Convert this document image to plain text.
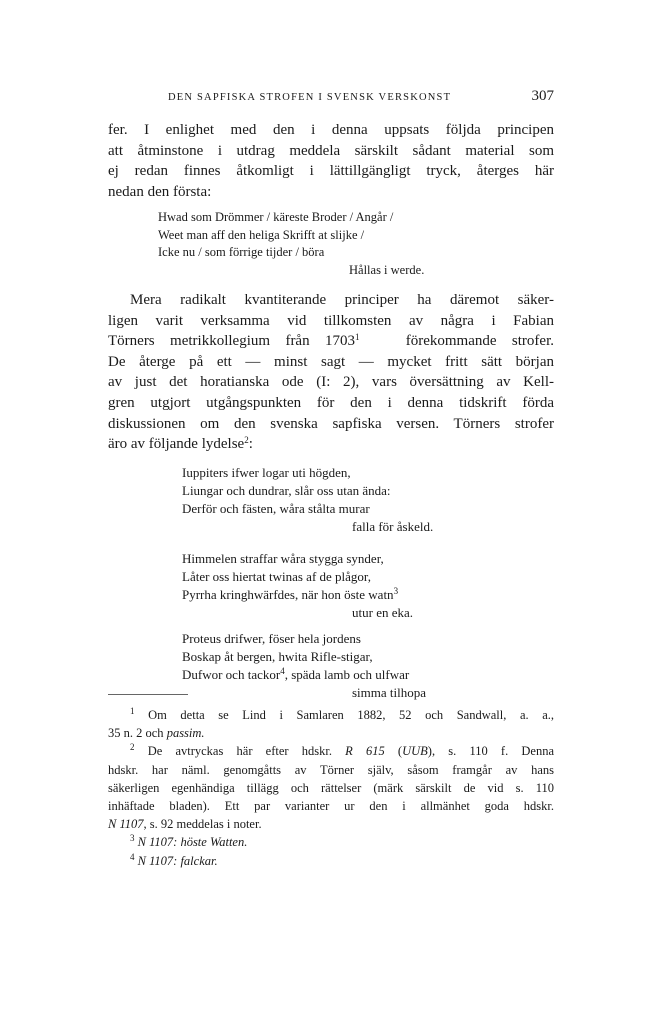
DEN SAPFISKA STROFEN I SVENSK VERSKONST	307
fer. I enlighet med den i denna uppsats följda principen
att åtminstone i utdrag meddela särskilt sådant material som
ej redan finnes åtkomligt i lättillgängligt tryck, återges här
nedan den första:
Hwad som Drömmer / käreste Broder / Angår /
Weet man aff den heliga Skrifft at slijke /
Icke nu / som förrige tijder / böra
Hållas i werde.
Mera radikalt kvantiterande principer ha däremot säker-
ligen varit verksamma vid tillkomsten av några i Fabian
Törners metrikkollegium från 1703$^1$	förekommande strofer.
De återge på ett — minst sagt — mycket fritt sätt början
av just det horatianska ode (I: 2), vars översättning av Kell-
gren utgjort utgångspunkten för den i denna tidskrift förda
diskussionen om den svenska sapfiska versen. Törners strofer
äro av följande lydelse$^2$:
Iuppiters ifwer logar uti högden,
Liungar och dundrar, slår oss utan ända:
Derför och fästen, wåra stålta murar
falla för åskeld.
Himmelen straffar wåra stygga synder,
Låter oss hiertat twinas af de plågor,
Pyrrha kringhwärfdes, när hon öste watn$^3$
utur en eka.
Proteus drifwer, föser hela jordens
Boskap åt bergen, hwita Rifle-stigar,
Dufwor och tackor$^4$, späda lamb och ulfwar
simma tilhopa
$^1$ Om detta se Lind i Samlaren 1882, 52 och Sandwall, a. a.,
35 n. 2 och passim.
$^2$ De avtryckas här efter hdskr. R 615 (UUB), s. 110 f. Denna
hdskr. har näml. genomgåtts av Törner själv, såsom framgår av hans
säkerligen egenhändiga tillägg och rättelser (märk särskilt de vid s. 110
inhäftade bladen). Ett par varianter ur den i allmänhet goda hdskr.
N 1107, s. 92 meddelas i noter.
$^3$ N 1107: höste Watten.
$^4$ N 1107: falckar.
